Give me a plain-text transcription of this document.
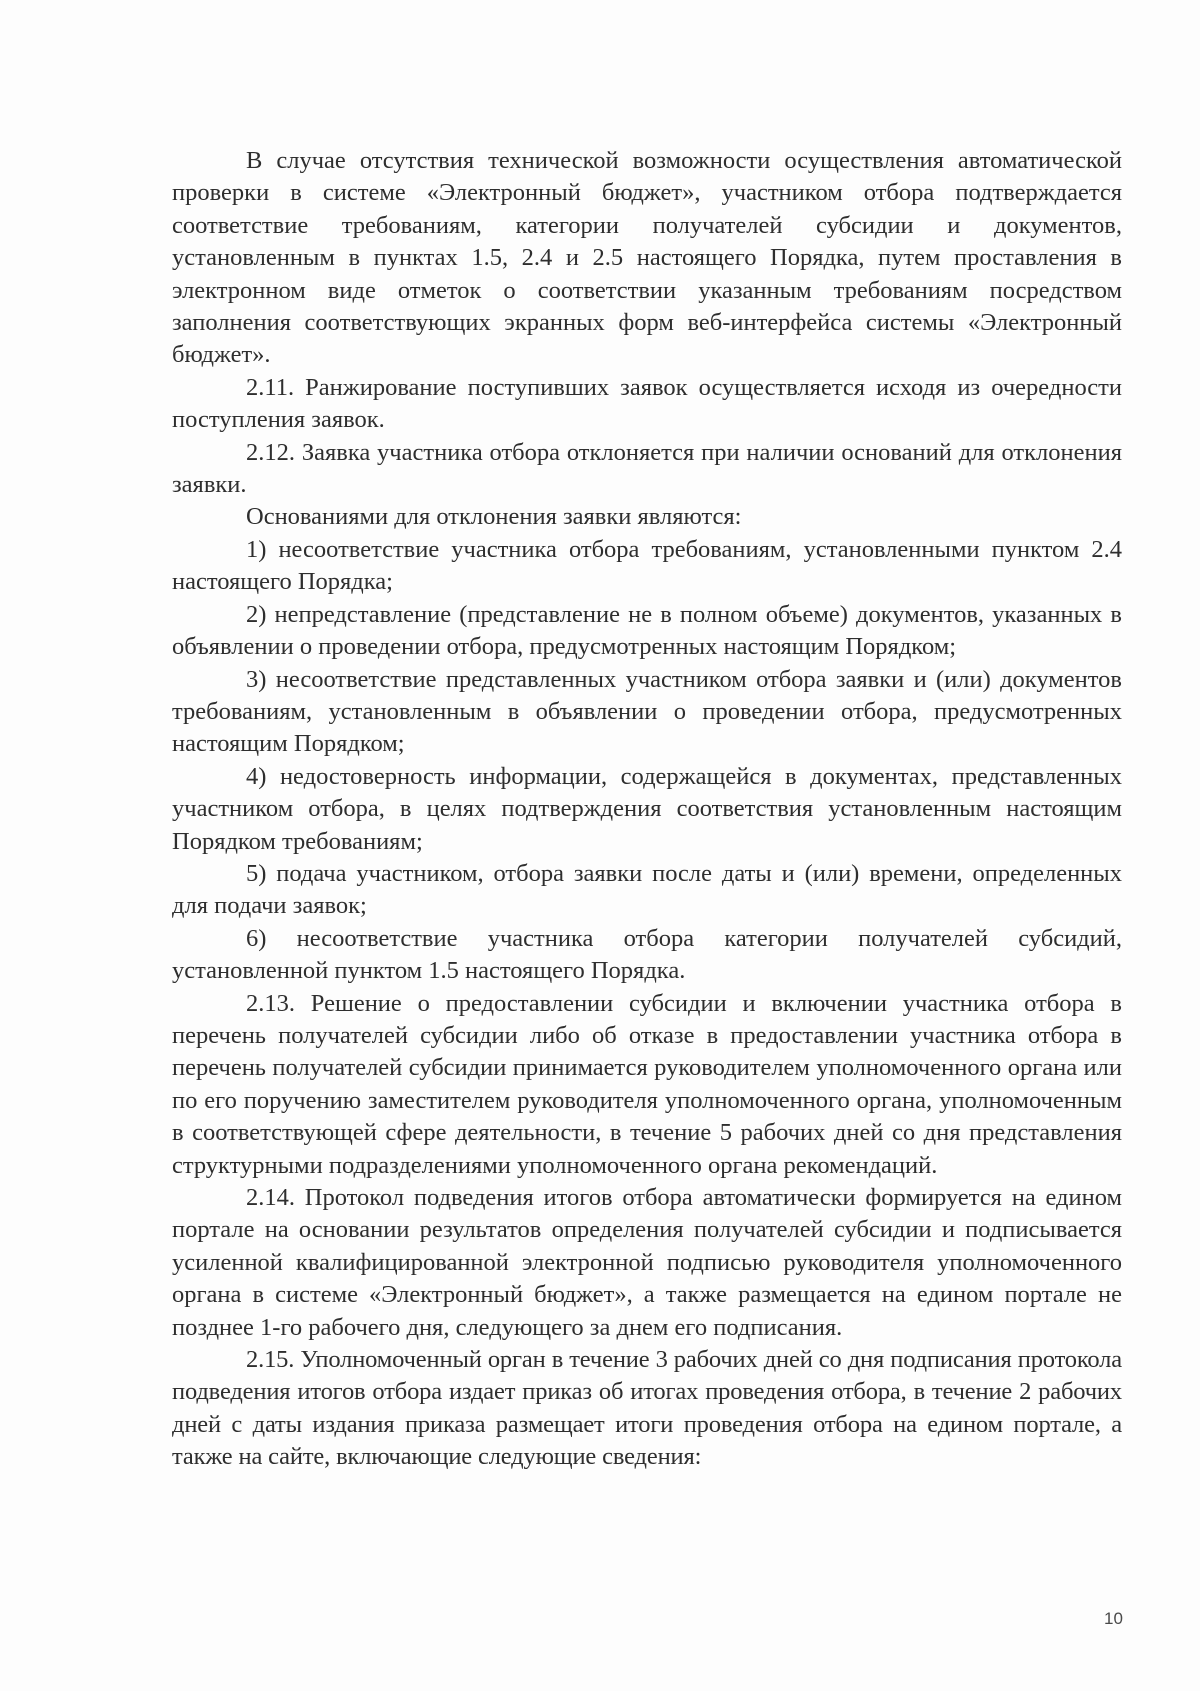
В случае отсутствия технической возможности осуществления автоматической проверки в системе «Электронный бюджет», участником отбора подтверждается соответствие требованиям, категории получателей субсидии и документов, установленным в пунктах 1.5, 2.4 и 2.5 настоящего Порядка, путем проставления в электронном виде отметок о соответствии указанным требованиям посредством заполнения соответствующих экранных форм веб-интерфейса системы «Электронный бюджет».

2.11. Ранжирование поступивших заявок осуществляется исходя из очередности поступления заявок.

2.12. Заявка участника отбора отклоняется при наличии оснований для отклонения заявки.

Основаниями для отклонения заявки являются:

1) несоответствие участника отбора требованиям, установленными пунктом 2.4 настоящего Порядка;

2) непредставление (представление не в полном объеме) документов, указанных в объявлении о проведении отбора, предусмотренных настоящим Порядком;

3) несоответствие представленных участником отбора заявки и (или) документов требованиям, установленным в объявлении о проведении отбора, предусмотренных настоящим Порядком;

4) недостоверность информации, содержащейся в документах, представленных участником отбора, в целях подтверждения соответствия установленным настоящим Порядком требованиям;

5) подача участником, отбора заявки после даты и (или) времени, определенных для подачи заявок;

6) несоответствие участника отбора категории получателей субсидий, установленной пунктом 1.5 настоящего Порядка.

2.13. Решение о предоставлении субсидии и включении участника отбора в перечень получателей субсидии либо об отказе в предоставлении участника отбора в перечень получателей субсидии принимается руководителем уполномоченного органа или по его поручению заместителем руководителя уполномоченного органа, уполномоченным в соответствующей сфере деятельности, в течение 5 рабочих дней со дня представления структурными подразделениями уполномоченного органа рекомендаций.

2.14. Протокол подведения итогов отбора автоматически формируется на едином портале на основании результатов определения получателей субсидии и подписывается усиленной квалифицированной электронной подписью руководителя уполномоченного органа в системе «Электронный бюджет», а также размещается на едином портале не позднее 1-го рабочего дня, следующего за днем его подписания.

2.15. Уполномоченный орган в течение 3 рабочих дней со дня подписания протокола подведения итогов отбора издает приказ об итогах проведения отбора, в течение 2 рабочих дней с даты издания приказа размещает итоги проведения отбора на едином портале, а также на сайте, включающие следующие сведения:

10
